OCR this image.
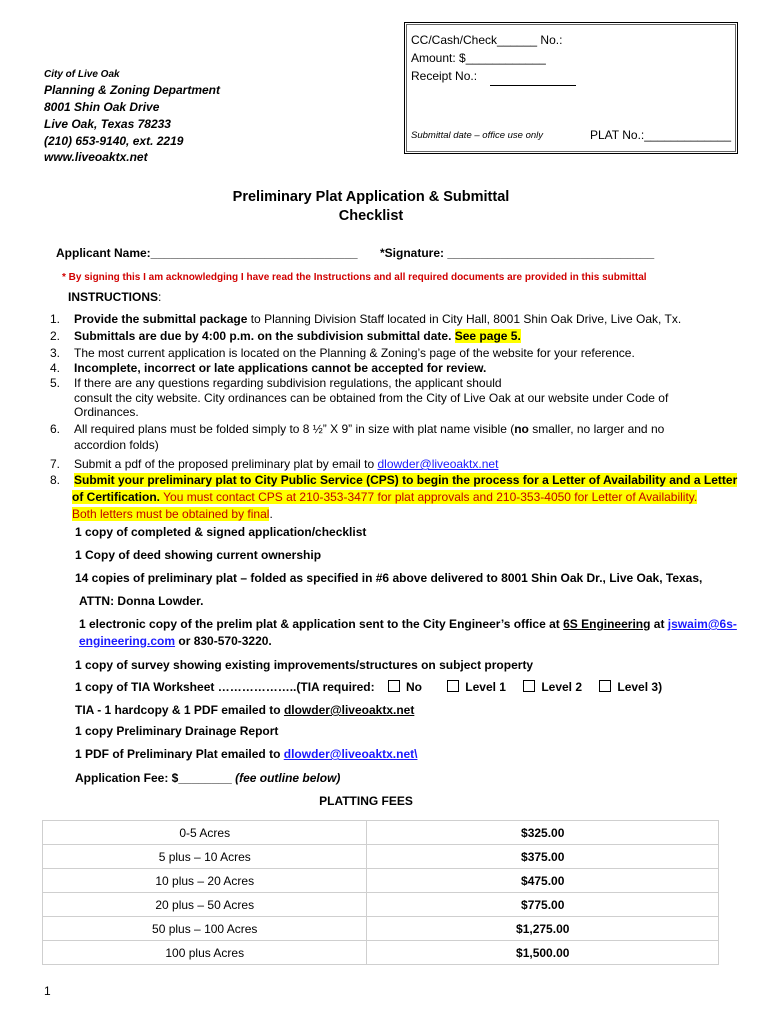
CC/Cash/Check______ No.:
Amount: $____________
Receipt No.:
Submittal date – office use only	PLAT No.:_____________
City of Live Oak
Planning & Zoning Department
8001 Shin Oak Drive
Live Oak, Texas 78233
(210) 653-9140, ext. 2219
www.liveoaktx.net
Preliminary Plat Application & Submittal
Checklist
Applicant Name:_______________________________ *Signature: _______________________________
* By signing this I am acknowledging I have read the Instructions and all required documents are provided in this submittal
INSTRUCTIONS:
1. Provide the submittal package to Planning Division Staff located in City Hall, 8001 Shin Oak Drive, Live Oak, Tx.
2. Submittals are due by 4:00 p.m. on the subdivision submittal date. See page 5.
3. The most current application is located on the Planning & Zoning’s page of the website for your reference.
4. Incomplete, incorrect or late applications cannot be accepted for review.
5. If there are any questions regarding subdivision regulations, the applicant should
consult the city website. City ordinances can be obtained from the City of Live Oak at our website under Code of
Ordinances.
6. All required plans must be folded simply to 8 ½” X 9” in size with plat name visible (no smaller, no larger and no
accordion folds)
7. Submit a pdf of the proposed preliminary plat by email to dlowder@liveoaktx.net
8. Submit your preliminary plat to City Public Service (CPS) to begin the process for a Letter of Availability and a Letter
of Certification. You must contact CPS at 210-353-3477 for plat approvals and 210-353-4050 for Letter of Availability.
Both letters must be obtained by final.
1 copy of completed & signed application/checklist
1 Copy of deed showing current ownership
14 copies of preliminary plat – folded as specified in #6 above delivered to 8001 Shin Oak Dr., Live Oak, Texas,
ATTN: Donna Lowder.
1 electronic copy of the prelim plat & application sent to the City Engineer’s office at 6S Engineering at jswaim@6s-
engineering.com or 830-570-3220.
1 copy of survey showing existing improvements/structures on subject property
1 copy of TIA Worksheet ………………..(TIA required:	No	Level 1	Level 2	Level 3)
TIA - 1 hardcopy & 1 PDF emailed to dlowder@liveoaktx.net
1 copy Preliminary Drainage Report
1 PDF of Preliminary Plat emailed to dlowder@liveoaktx.net\
Application Fee: $________ (fee outline below)
PLATTING FEES
0-5 Acres	$325.00
5 plus – 10 Acres	$375.00
10 plus – 20 Acres	$475.00
20 plus – 50 Acres	$775.00
50 plus – 100 Acres	$1,275.00
100 plus Acres	$1,500.00
1
